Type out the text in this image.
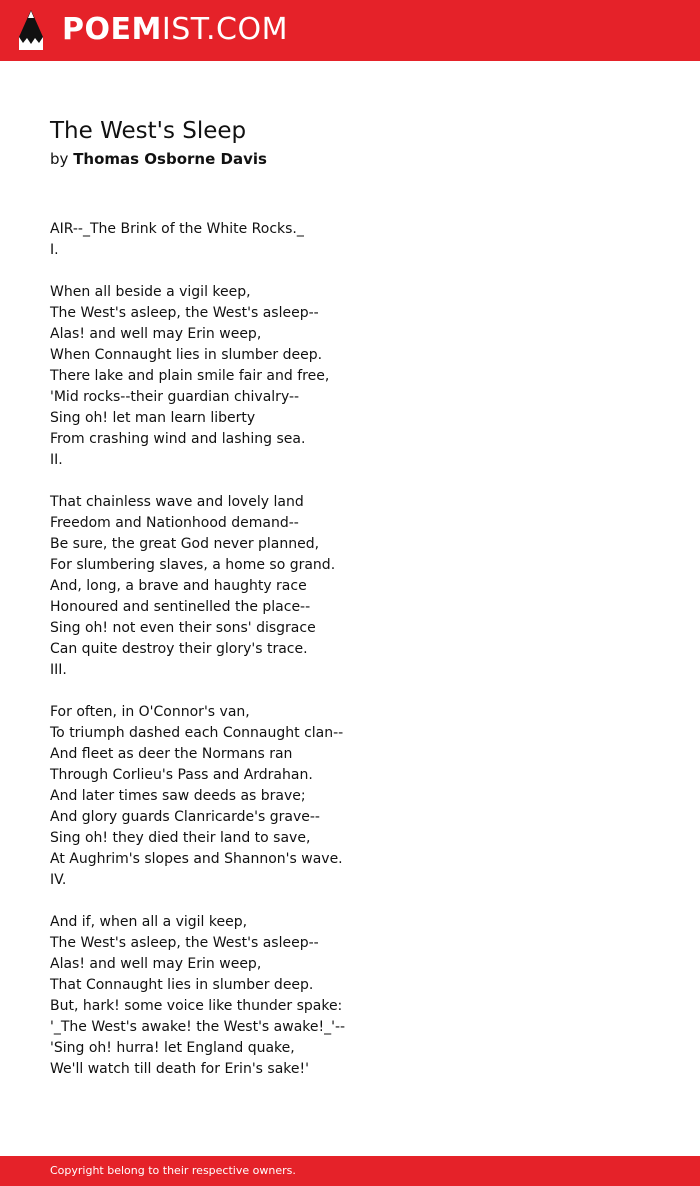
POEMIST.COM
The West's Sleep
by Thomas Osborne Davis
AIR--_The Brink of the White Rocks._
I.
When all beside a vigil keep,
The West's asleep, the West's asleep--
Alas! and well may Erin weep,
When Connaught lies in slumber deep.
There lake and plain smile fair and free,
'Mid rocks--their guardian chivalry--
Sing oh! let man learn liberty
From crashing wind and lashing sea.
II.
That chainless wave and lovely land
Freedom and Nationhood demand--
Be sure, the great God never planned,
For slumbering slaves, a home so grand.
And, long, a brave and haughty race
Honoured and sentinelled the place--
Sing oh! not even their sons' disgrace
Can quite destroy their glory's trace.
III.
For often, in O'Connor's van,
To triumph dashed each Connaught clan--
And fleet as deer the Normans ran
Through Corlieu's Pass and Ardrahan.
And later times saw deeds as brave;
And glory guards Clanricarde's grave--
Sing oh! they died their land to save,
At Aughrim's slopes and Shannon's wave.
IV.
And if, when all a vigil keep,
The West's asleep, the West's asleep--
Alas! and well may Erin weep,
That Connaught lies in slumber deep.
But, hark! some voice like thunder spake:
'_The West's awake! the West's awake!_'--
'Sing oh! hurra! let England quake,
We'll watch till death for Erin's sake!'
Copyright belong to their respective owners.
